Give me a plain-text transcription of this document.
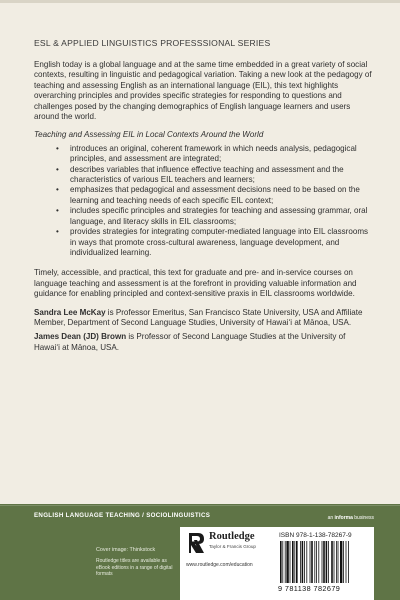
ESL & APPLIED LINGUISTICS PROFESSSIONAL SERIES

English today is a global language and at the same time embedded in a great variety of social contexts, resulting in linguistic and pedagogical variation. Taking a new look at the pedagogy of teaching and assessing English as an international language (EIL), this text highlights overarching principles and provides specific strategies for responding to questions and challenges posed by the changing demographics of English language learners and users around the world.

Teaching and Assessing EIL in Local Contexts Around the World

• introduces an original, coherent framework in which needs analysis, pedagogical principles, and assessment are integrated;
• describes variables that influence effective teaching and assessment and the characteristics of various EIL teachers and learners;
• emphasizes that pedagogical and assessment decisions need to be based on the learning and teaching needs of each specific EIL context;
• includes specific principles and strategies for teaching and assessing grammar, oral language, and literacy skills in EIL classrooms;
• provides strategies for integrating computer-mediated language into EIL classrooms in ways that promote cross-cultural awareness, language development, and individualized learning.

Timely, accessible, and practical, this text for graduate and pre- and in-service courses on language teaching and assessment is at the forefront in providing valuable information and guidance for enabling principled and context-sensitive praxis in EIL classrooms worldwide.

Sandra Lee McKay is Professor Emeritus, San Francisco State University, USA and Affiliate Member, Department of Second Language Studies, University of Hawai‘i at Mānoa, USA.

James Dean (JD) Brown is Professor of Second Language Studies at the University of Hawai‘i at Mānoa, USA.

ENGLISH LANGUAGE TEACHING / SOCIOLINGUISTICS	an informa business
Cover image: Thinkstock
Routledge titles are available as eBook editions in a range of digital formats
Routledge
Taylor & Francis Group
www.routledge.com/education
ISBN 978-1-138-78267-9
9 781138 782679
